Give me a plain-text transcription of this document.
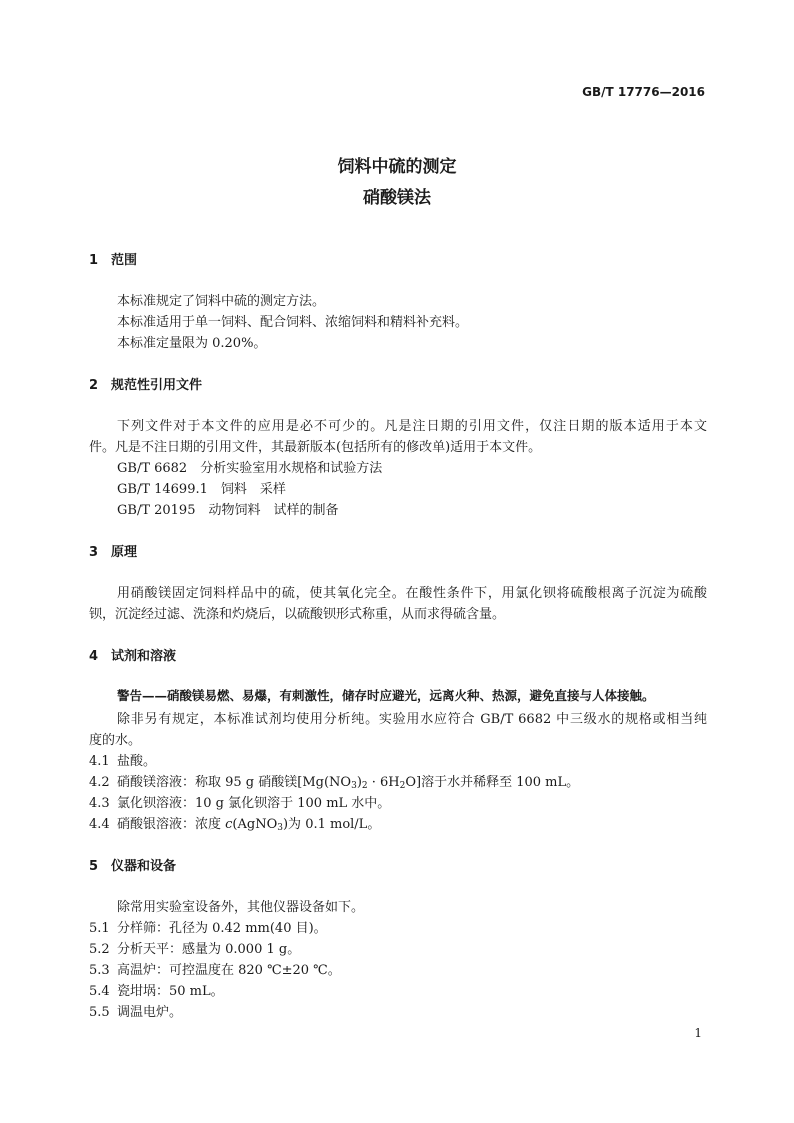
GB/T 17776—2016
饲料中硫的测定
硝酸镁法
1 范围
本标准规定了饲料中硫的测定方法。
本标准适用于单一饲料、配合饲料、浓缩饲料和精料补充料。
本标准定量限为 0.20%。
2 规范性引用文件
下列文件对于本文件的应用是必不可少的。凡是注日期的引用文件，仅注日期的版本适用于本文
件。凡是不注日期的引用文件，其最新版本(包括所有的修改单)适用于本文件。
GB/T 6682　分析实验室用水规格和试验方法
GB/T 14699.1　饲料　采样
GB/T 20195　动物饲料　试样的制备
3 原理
用硝酸镁固定饲料样品中的硫，使其氧化完全。在酸性条件下，用氯化钡将硫酸根离子沉淀为硫酸
钡，沉淀经过滤、洗涤和灼烧后，以硫酸钡形式称重，从而求得硫含量。
4 试剂和溶液
警告——硝酸镁易燃、易爆，有刺激性，储存时应避光，远离火种、热源，避免直接与人体接触。
除非另有规定，本标准试剂均使用分析纯。实验用水应符合 GB/T 6682 中三级水的规格或相当纯
度的水。
4.1 盐酸。
4.2 硝酸镁溶液：称取 95 g 硝酸镁$[Mg(NO_3)_2 \cdot 6H_2O]$溶于水并稀释至 100 mL。
4.3 氯化钡溶液：10 g 氯化钡溶于 100 mL 水中。
4.4 硝酸银溶液：浓度 c(AgNO$_3$)为 0.1 mol/L。
5 仪器和设备
除常用实验室设备外，其他仪器设备如下。
5.1 分样筛：孔径为 0.42 mm(40 目)。
5.2 分析天平：感量为 0.000 1 g。
5.3 高温炉：可控温度在 820 ℃±20 ℃。
5.4 瓷坩埚：50 mL。
5.5 调温电炉。
1
